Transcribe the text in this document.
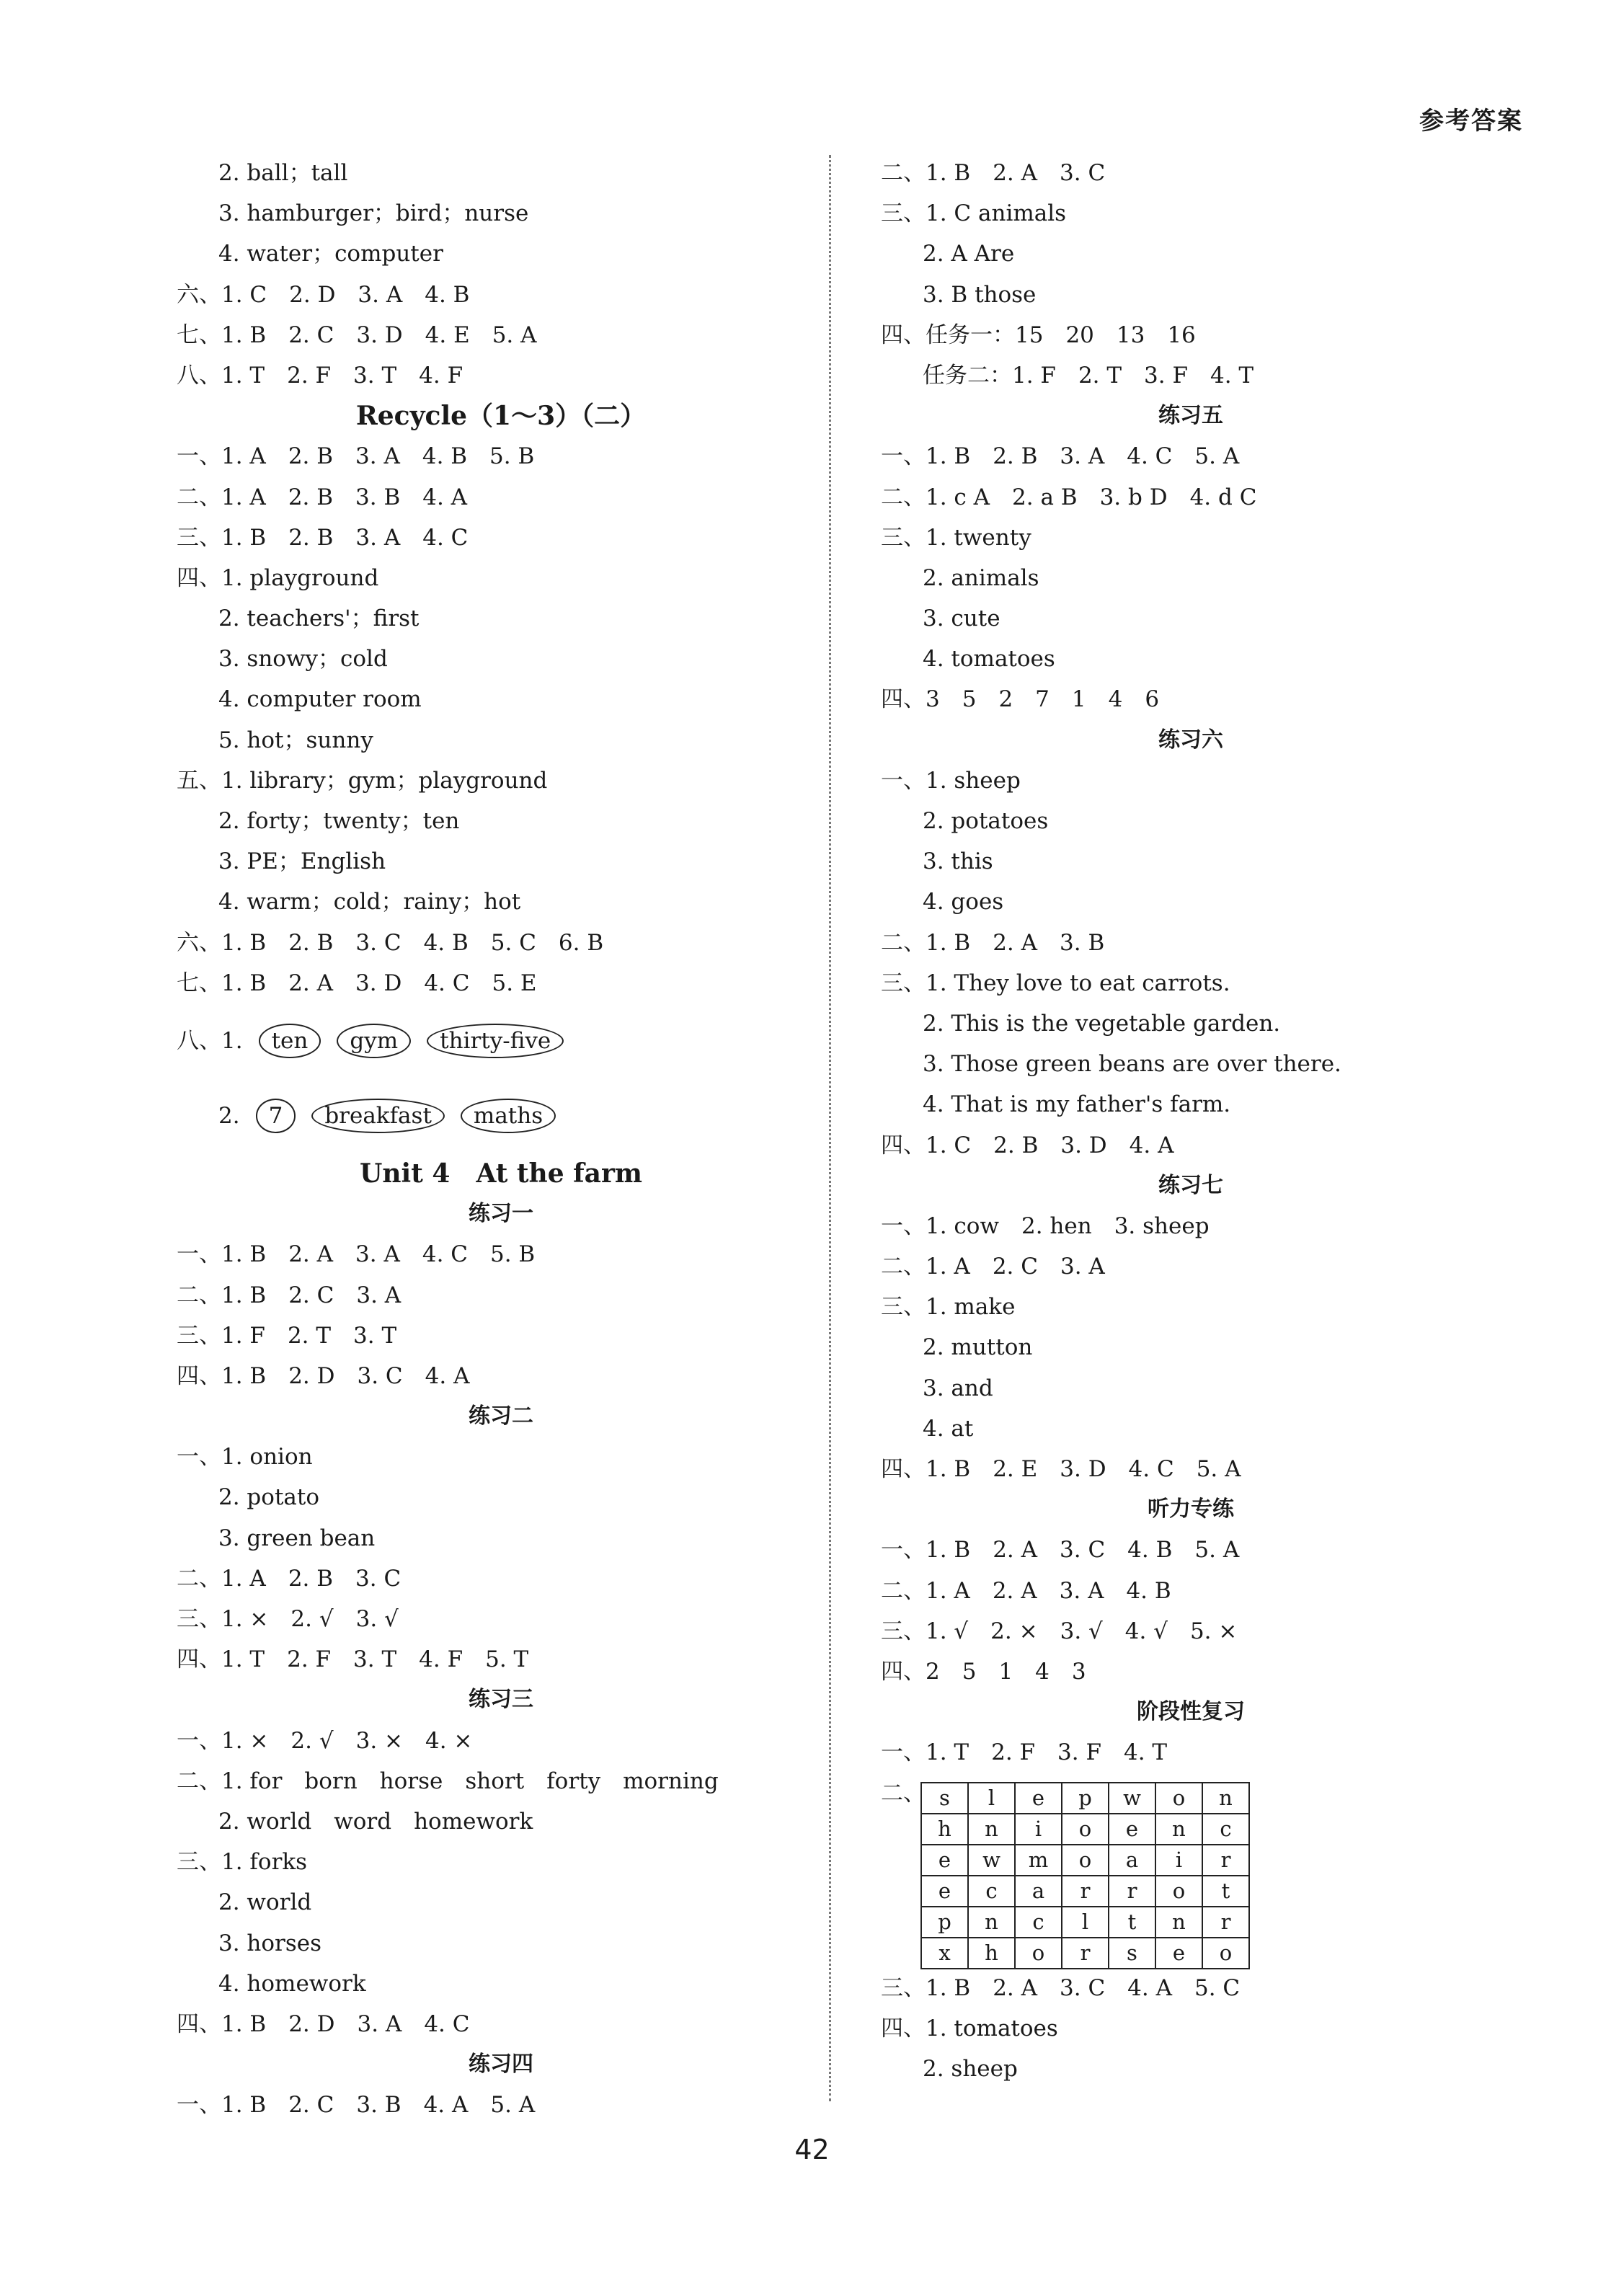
参考答案
2. ball；tall
3. hamburger；bird；nurse
4. water；computer
六、1. C　2. D　3. A　4. B
七、1. B　2. C　3. D　4. E　5. A
八、1. T　2. F　3. T　4. F
Recycle（1～3）（二）
一、1. A　2. B　3. A　4. B　5. B
二、1. A　2. B　3. B　4. A
三、1. B　2. B　3. A　4. C
四、1. playground
2. teachers'；first
3. snowy；cold
4. computer room
5. hot；sunny
五、1. library；gym；playground
2. forty；twenty；ten
3. PE；English
4. warm；cold；rainy；hot
六、1. B　2. B　3. C　4. B　5. C　6. B
七、1. B　2. A　3. D　4. C　5. E
八、1. ten gym thirty-five
2. 7 breakfast maths
Unit 4　At the farm
练习一
一、1. B　2. A　3. A　4. C　5. B
二、1. B　2. C　3. A
三、1. F　2. T　3. T
四、1. B　2. D　3. C　4. A
练习二
一、1. onion
2. potato
3. green bean
二、1. A　2. B　3. C
三、1. ×　2. √　3. √
四、1. T　2. F　3. T　4. F　5. T
练习三
一、1. ×　2. √　3. ×　4. ×
二、1. for　born　horse　short　forty　morning
2. world　word　homework
三、1. forks
2. world
3. horses
4. homework
四、1. B　2. D　3. A　4. C
练习四
一、1. B　2. C　3. B　4. A　5. A
二、1. B　2. A　3. C
三、1. C animals
2. A Are
3. B those
四、任务一：15　20　13　16
任务二：1. F　2. T　3. F　4. T
练习五
一、1. B　2. B　3. A　4. C　5. A
二、1. c A　2. a B　3. b D　4. d C
三、1. twenty
2. animals
3. cute
4. tomatoes
四、3　5　2　7　1　4　6
练习六
一、1. sheep
2. potatoes
3. this
4. goes
二、1. B　2. A　3. B
三、1. They love to eat carrots.
2. This is the vegetable garden.
3. Those green beans are over there.
4. That is my father's farm.
四、1. C　2. B　3. D　4. A
练习七
一、1. cow　2. hen　3. sheep
二、1. A　2. C　3. A
三、1. make
2. mutton
3. and
4. at
四、1. B　2. E　3. D　4. C　5. A
听力专练
一、1. B　2. A　3. C　4. B　5. A
二、1. A　2. A　3. A　4. B
三、1. √　2. ×　3. √　4. √　5. ×
四、2　5　1　4　3
阶段性复习
一、1. T　2. F　3. F　4. T
二、 s	l	e	p	w	o	n
h	n	i	o	e	n	c
e	w	m	o	a	i	r
e	c	a	r	r	o	t
p	n	c	l	t	n	r
x	h	o	r	s	e	o
三、1. B　2. A　3. C　4. A　5. C
四、1. tomatoes
2. sheep
42
